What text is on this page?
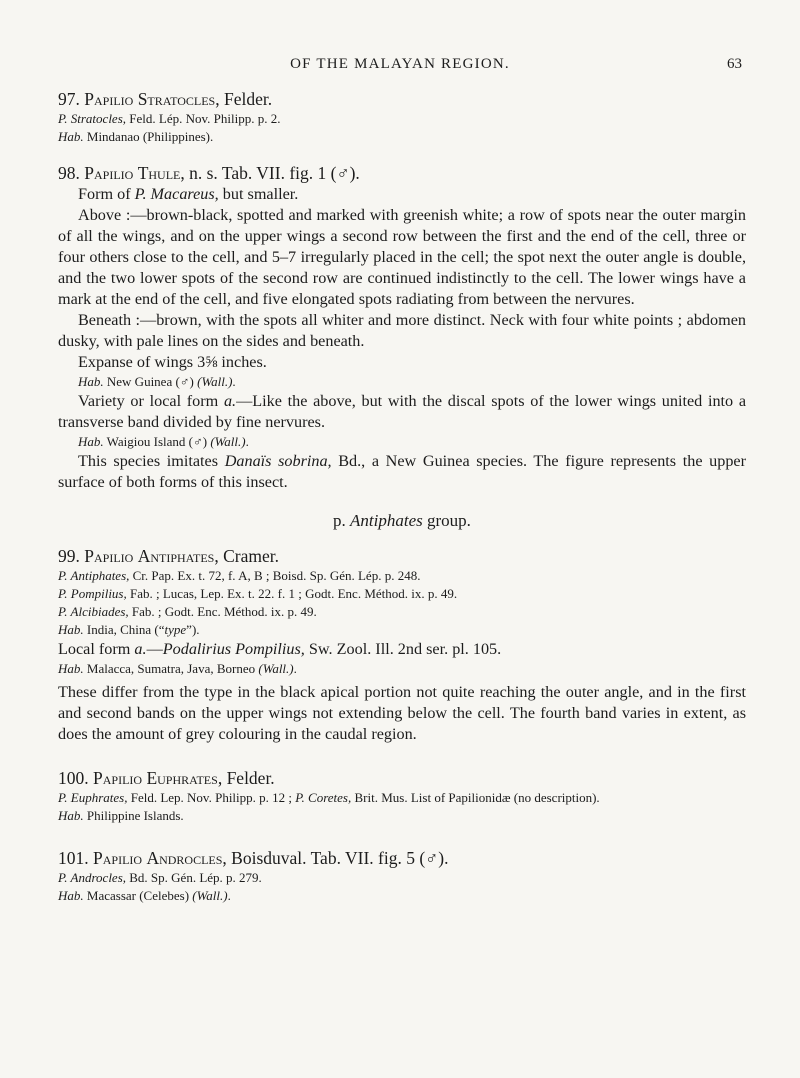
OF THE MALAYAN REGION.	63

97. Papilio Stratocles, Felder.

P. Stratocles, Feld. Lép. Nov. Philipp. p. 2.

Hab. Mindanao (Philippines).

98. Papilio Thule, n. s. Tab. VII. fig. 1 (♂).

Form of P. Macareus, but smaller.

Above :—brown-black, spotted and marked with greenish white; a row of spots near the outer margin of all the wings, and on the upper wings a second row between the first and the end of the cell, three or four others close to the cell, and 5–7 irregularly placed in the cell; the spot next the outer angle is double, and the two lower spots of the second row are continued indistinctly to the cell. The lower wings have a mark at the end of the cell, and five elongated spots radiating from between the nervures.

Beneath :—brown, with the spots all whiter and more distinct. Neck with four white points ; abdomen dusky, with pale lines on the sides and beneath.

Expanse of wings 3⅝ inches.

Hab. New Guinea (♂) (Wall.).

Variety or local form a.—Like the above, but with the discal spots of the lower wings united into a transverse band divided by fine nervures.

Hab. Waigiou Island (♂) (Wall.).

This species imitates Danaïs sobrina, Bd., a New Guinea species. The figure represents the upper surface of both forms of this insect.

p. Antiphates group.

99. Papilio Antiphates, Cramer.

P. Antiphates, Cr. Pap. Ex. t. 72, f. A, B ; Boisd. Sp. Gén. Lép. p. 248.

P. Pompilius, Fab. ; Lucas, Lep. Ex. t. 22. f. 1 ; Godt. Enc. Méthod. ix. p. 49.

P. Alcibiades, Fab. ; Godt. Enc. Méthod. ix. p. 49.

Hab. India, China (“type”).

Local form a.—Podalirius Pompilius, Sw. Zool. Ill. 2nd ser. pl. 105.

Hab. Malacca, Sumatra, Java, Borneo (Wall.).

These differ from the type in the black apical portion not quite reaching the outer angle, and in the first and second bands on the upper wings not extending below the cell. The fourth band varies in extent, as does the amount of grey colouring in the caudal region.

100. Papilio Euphrates, Felder.

P. Euphrates, Feld. Lep. Nov. Philipp. p. 12 ; P. Coretes, Brit. Mus. List of Papilionidæ (no description).

Hab. Philippine Islands.

101. Papilio Androcles, Boisduval. Tab. VII. fig. 5 (♂).

P. Androcles, Bd. Sp. Gén. Lép. p. 279.

Hab. Macassar (Celebes) (Wall.).
